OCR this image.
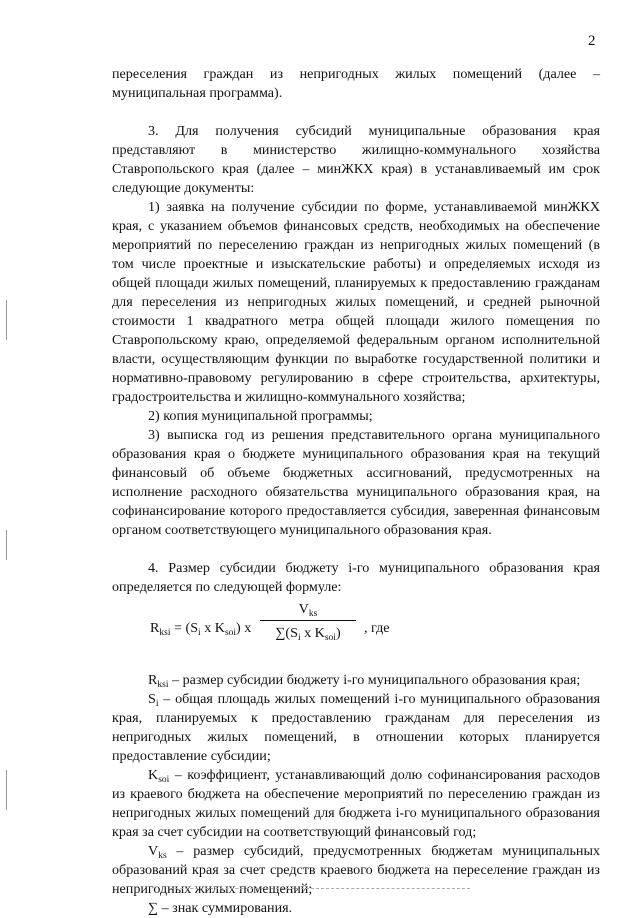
2

переселения граждан из непригодных жилых помещений (далее – муниципальная программа).

3. Для получения субсидий муниципальные образования края представляют в министерство жилищно-коммунального хозяйства Ставропольского края (далее – минЖКХ края) в устанавливаемый им срок следующие документы:

1) заявка на получение субсидии по форме, устанавливаемой минЖКХ края, с указанием объемов финансовых средств, необходимых на обеспечение мероприятий по переселению граждан из непригодных жилых помещений (в том числе проектные и изыскательские работы) и определяемых исходя из общей площади жилых помещений, планируемых к предоставлению гражданам для переселения из непригодных жилых помещений, и средней рыночной стоимости 1 квадратного метра общей площади жилого помещения по Ставропольскому краю, определяемой федеральным органом исполнительной власти, осуществляющим функции по выработке государственной политики и нормативно-правовому регулированию в сфере строительства, архитектуры, градостроительства и жилищно-коммунального хозяйства;

2) копия муниципальной программы;

3) выписка год из решения представительного органа муниципального образования края о бюджете муниципального образования края на текущий финансовый об объеме бюджетных ассигнований, предусмотренных на исполнение расходного обязательства муниципального образования края, на софинансирование которого предоставляется субсидия, заверенная финансовым органом соответствующего муниципального образования края.

4. Размер субсидии бюджету i-го муниципального образования края определяется по следующей формуле:

$R_{ksi} = (S_i$ x $K_{soi}$) x
$V_{ks}$
$\sum(S_i$ x $K_{soi}$)	, где

$R_{ksi}$ – размер субсидии бюджету i-го муниципального образования края;

$S_i$ – общая площадь жилых помещений i-го муниципального образования края, планируемых к предоставлению гражданам для переселения из непригодных жилых помещений, в отношении которых планируется предоставление субсидии;

$K_{soi}$ – коэффициент, устанавливающий долю софинансирования расходов из краевого бюджета на обеспечение мероприятий по переселению граждан из непригодных жилых помещений для бюджета i-го муниципального образования края за счет субсидии на соответствующий финансовый год;

$V_{ks}$ – размер субсидий, предусмотренных бюджетам муниципальных образований края за счет средств краевого бюджета на переселение граждан из непригодных жилых помещений;

∑ – знак суммирования.
